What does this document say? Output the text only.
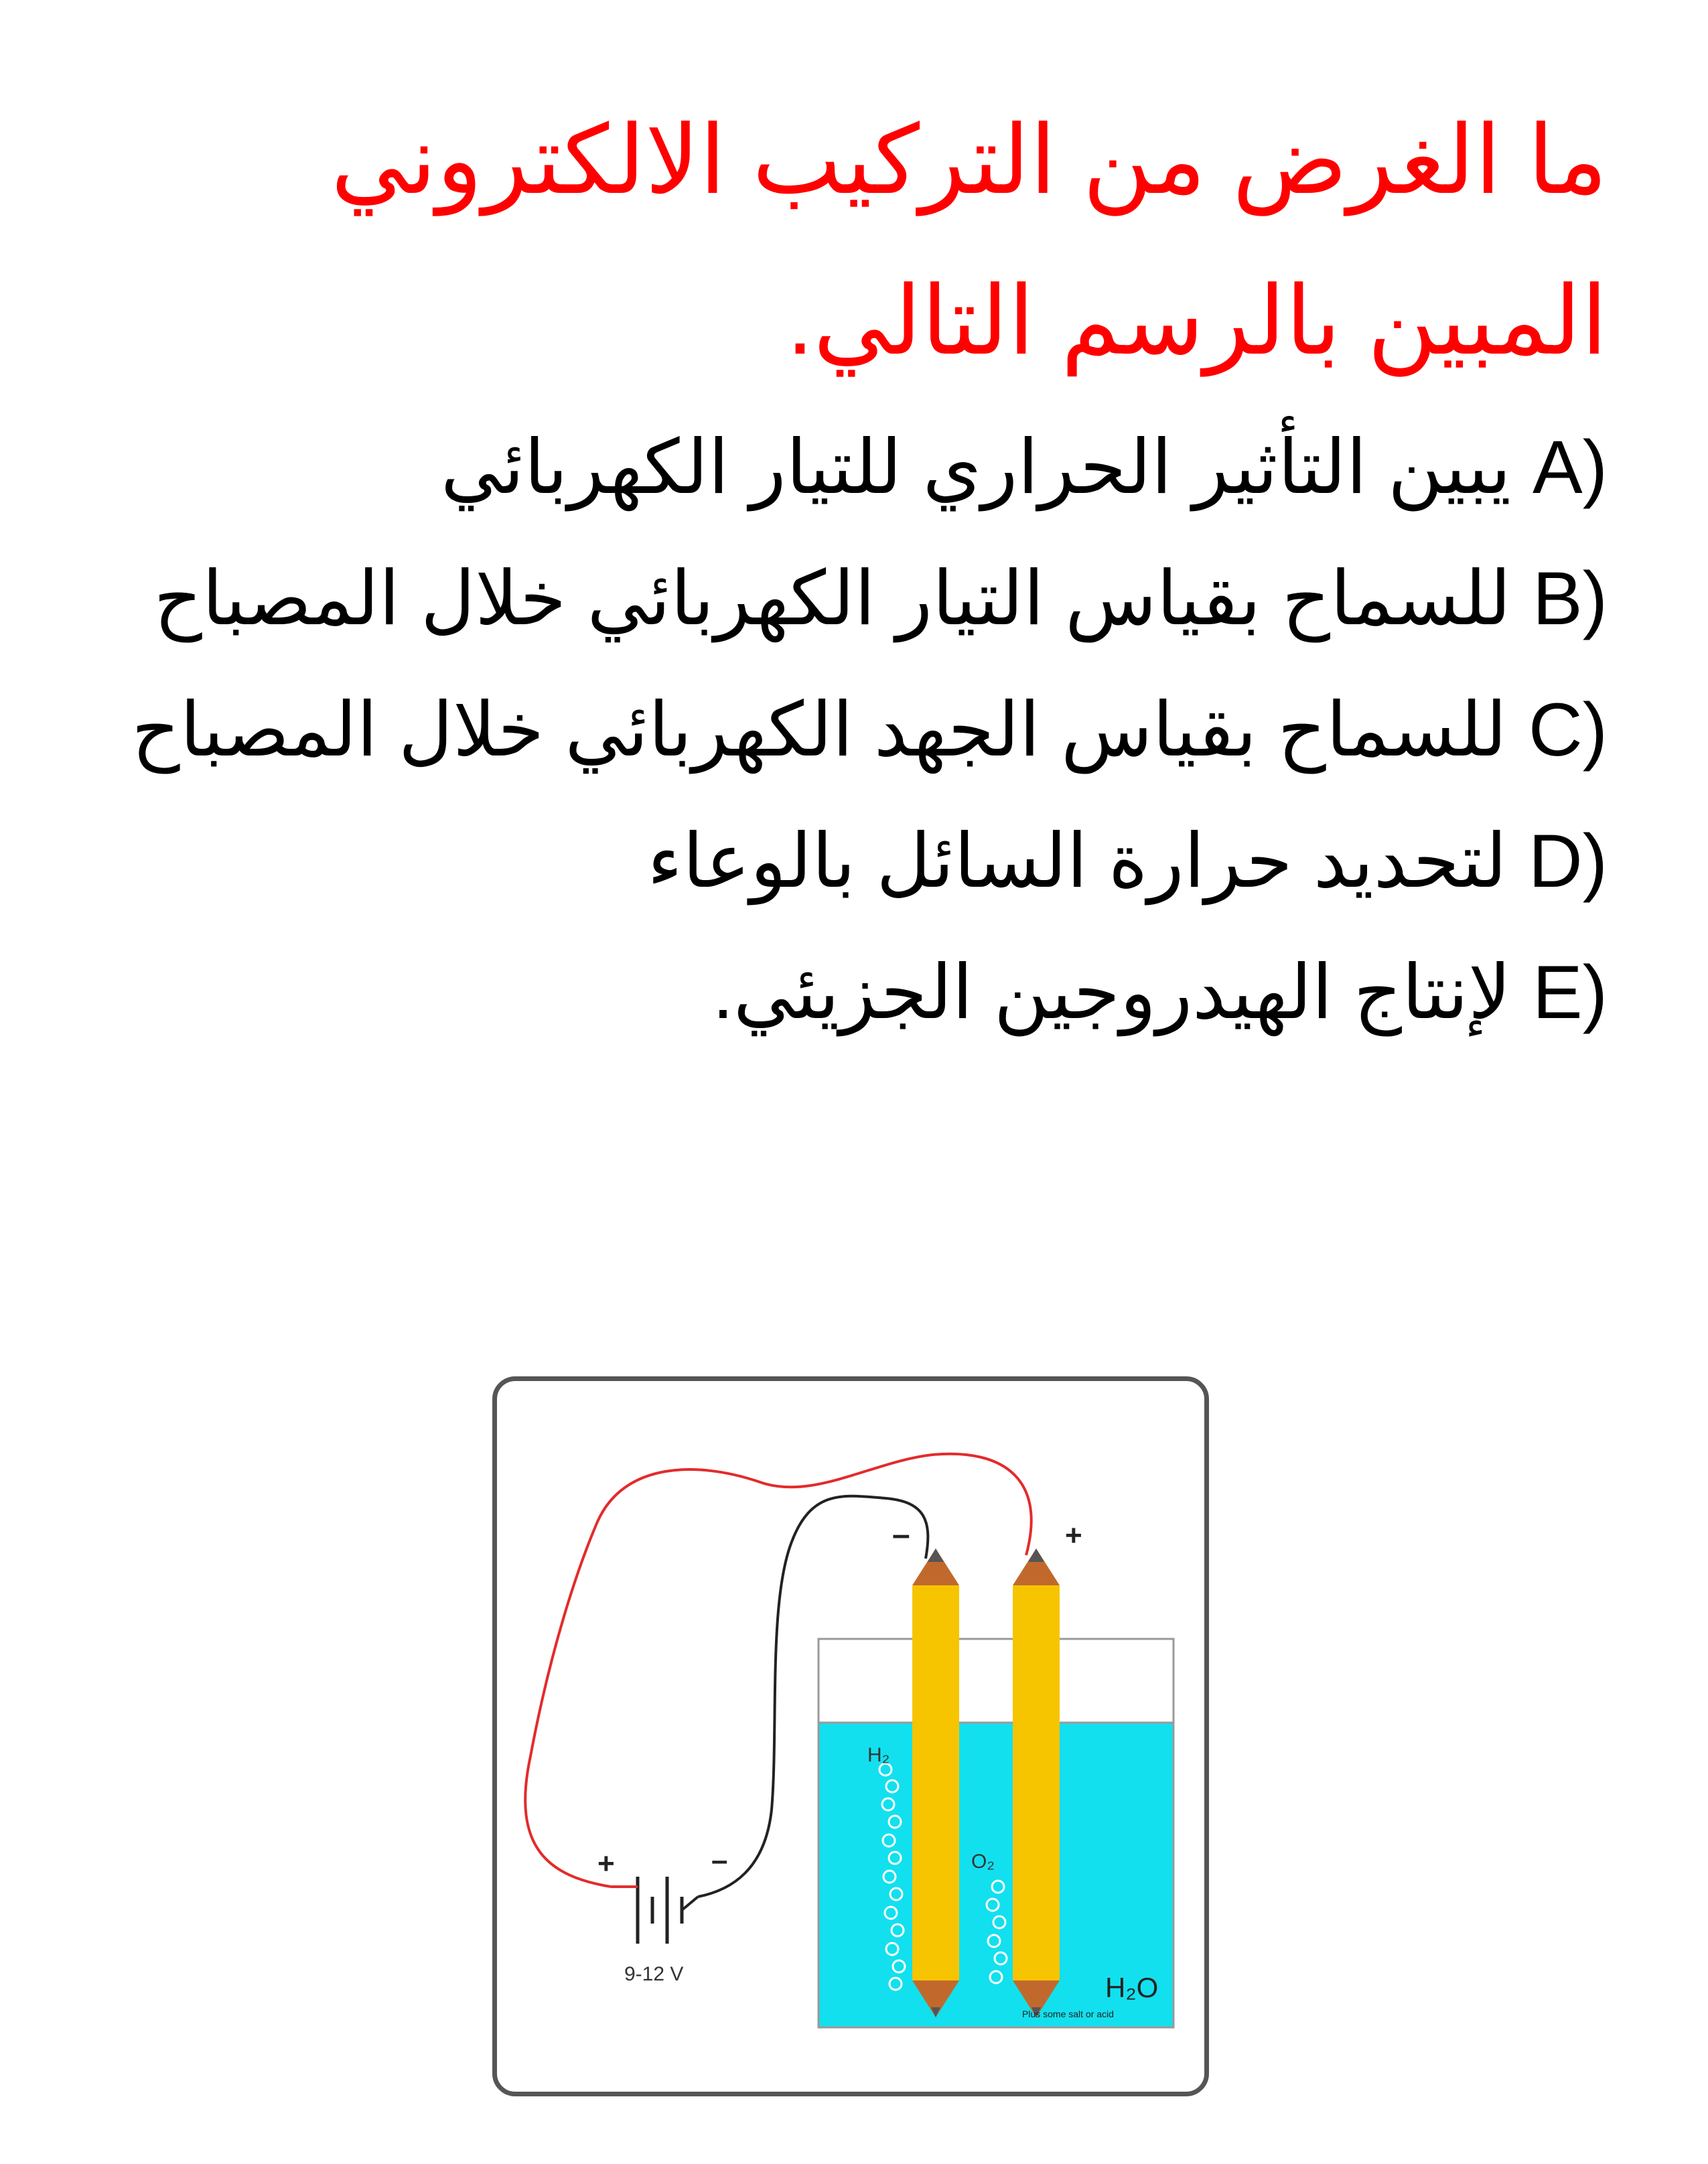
ما الغرض من التركيب الالكتروني المبين بالرسم التالي.
A)يبين التأثير الحراري للتيار الكهربائي
B)للسماح بقياس التيار الكهربائي خلال المصباح
C)للسماح بقياس الجهد الكهربائي خلال المصباح
D)لتحديد حرارة السائل بالوعاء
E)لإنتاج الهيدروجين الجزيئي.
+	–
9-12 V
–	+
H₂
O₂
H₂O
Plus some salt or acid
